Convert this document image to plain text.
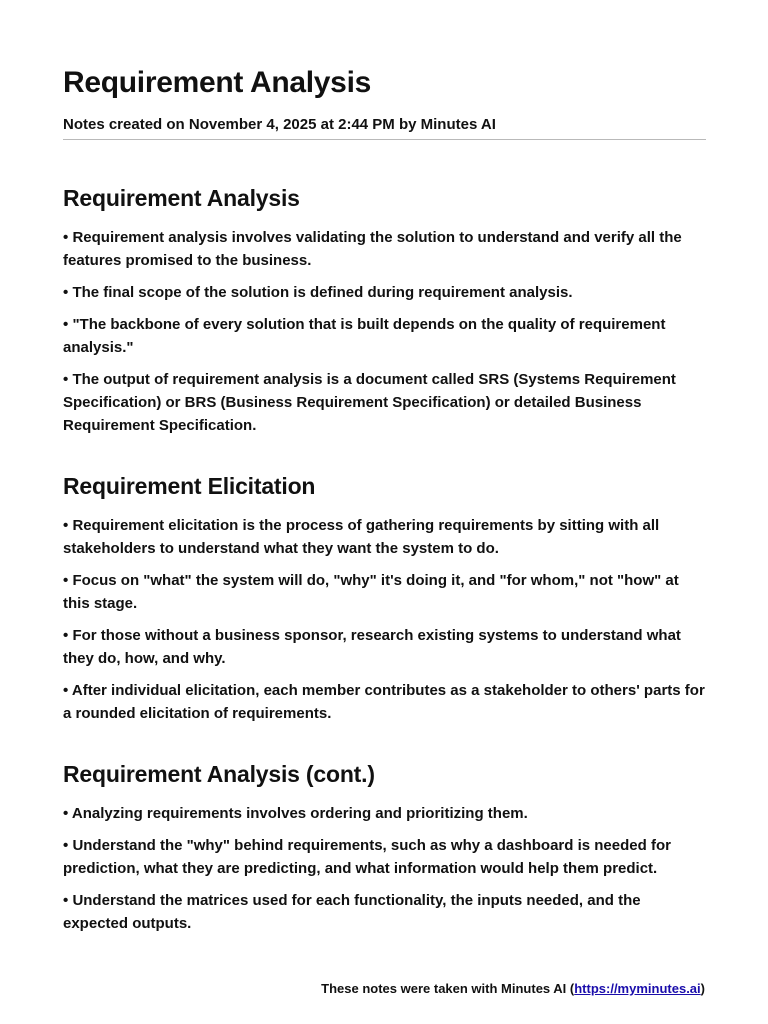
Requirement Analysis

Notes created on November 4, 2025 at 2:44 PM by Minutes AI

Requirement Analysis
• Requirement analysis involves validating the solution to understand and verify all the features promised to the business.
• The final scope of the solution is defined during requirement analysis.
• "The backbone of every solution that is built depends on the quality of requirement analysis."
• The output of requirement analysis is a document called SRS (Systems Requirement Specification) or BRS (Business Requirement Specification) or detailed Business Requirement Specification.
Requirement Elicitation
• Requirement elicitation is the process of gathering requirements by sitting with all stakeholders to understand what they want the system to do.
• Focus on "what" the system will do, "why" it's doing it, and "for whom," not "how" at this stage.
• For those without a business sponsor, research existing systems to understand what they do, how, and why.
• After individual elicitation, each member contributes as a stakeholder to others' parts for a rounded elicitation of requirements.
Requirement Analysis (cont.)
• Analyzing requirements involves ordering and prioritizing them.
• Understand the "why" behind requirements, such as why a dashboard is needed for prediction, what they are predicting, and what information would help them predict.
• Understand the matrices used for each functionality, the inputs needed, and the expected outputs.
These notes were taken with Minutes AI (https://myminutes.ai)
